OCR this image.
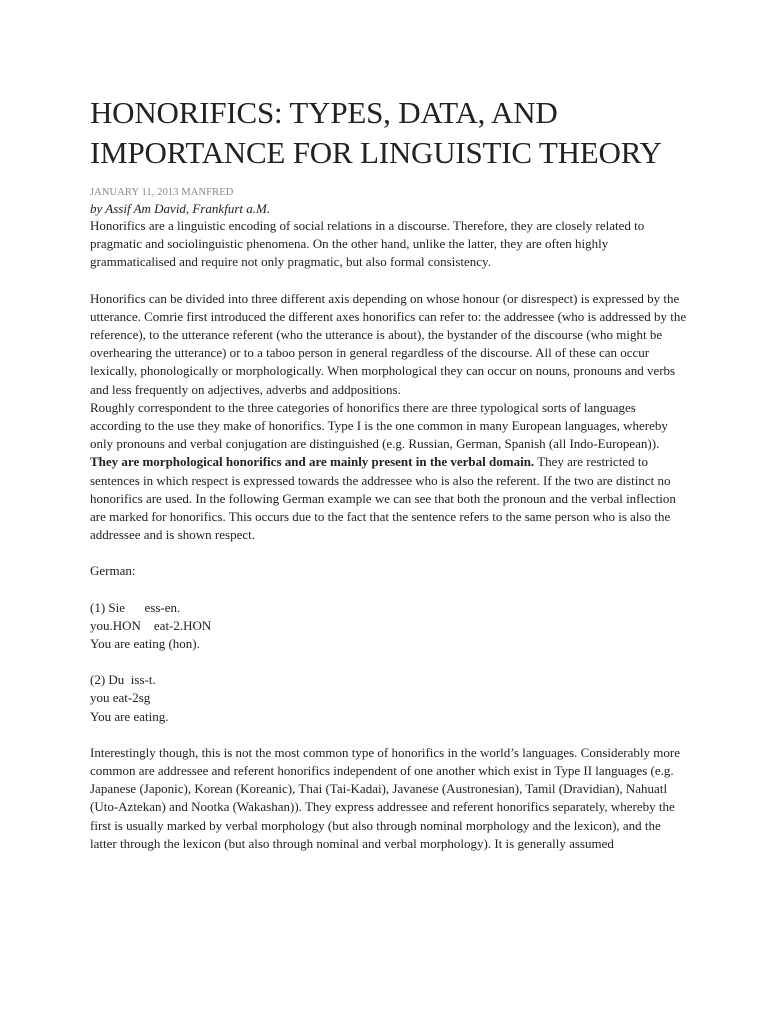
HONORIFICS: TYPES, DATA, AND
IMPORTANCE FOR LINGUISTIC THEORY
JANUARY 11, 2013 MANFRED
by Assif Am David, Frankfurt a.M.

Honorifics are a linguistic encoding of social relations in a discourse. Therefore, they are closely related to pragmatic and sociolinguistic phenomena. On the other hand, unlike the latter, they are often highly grammaticalised and require not only pragmatic, but also formal consistency.

Honorifics can be divided into three different axis depending on whose honour (or disrespect) is expressed by the utterance. Comrie first introduced the different axes honorifics can refer to: the addressee (who is addressed by the reference), to the utterance referent (who the utterance is about), the bystander of the discourse (who might be overhearing the utterance) or to a taboo person in general regardless of the discourse. All of these can occur lexically, phonologically or morphologically. When morphological they can occur on nouns, pronouns and verbs and less frequently on adjectives, adverbs and addpositions.

Roughly correspondent to the three categories of honorifics there are three typological sorts of languages according to the use they make of honorifics. Type I is the one common in many European languages, whereby only pronouns and verbal conjugation are distinguished (e.g. Russian, German, Spanish (all Indo-European)). They are morphological honorifics and are mainly present in the verbal domain. They are restricted to sentences in which respect is expressed towards the addressee who is also the referent. If the two are distinct no honorifics are used. In the following German example we can see that both the pronoun and the verbal inflection are marked for honorifics. This occurs due to the fact that the sentence refers to the same person who is also the addressee and is shown respect.

German:

(1) Sie      ess-en.
you.HON    eat-2.HON
You are eating (hon).
(2) Du  iss-t.
you eat-2sg
You are eating.

Interestingly though, this is not the most common type of honorifics in the world’s languages. Considerably more common are addressee and referent honorifics independent of one another which exist in Type II languages (e.g. Japanese (Japonic), Korean (Koreanic), Thai (Tai-Kadai), Javanese (Austronesian), Tamil (Dravidian), Nahuatl (Uto-Aztekan) and Nootka (Wakashan)). They express addressee and referent honorifics separately, whereby the first is usually marked by verbal morphology (but also through nominal morphology and the lexicon), and the latter through the lexicon (but also through nominal and verbal morphology). It is generally assumed
